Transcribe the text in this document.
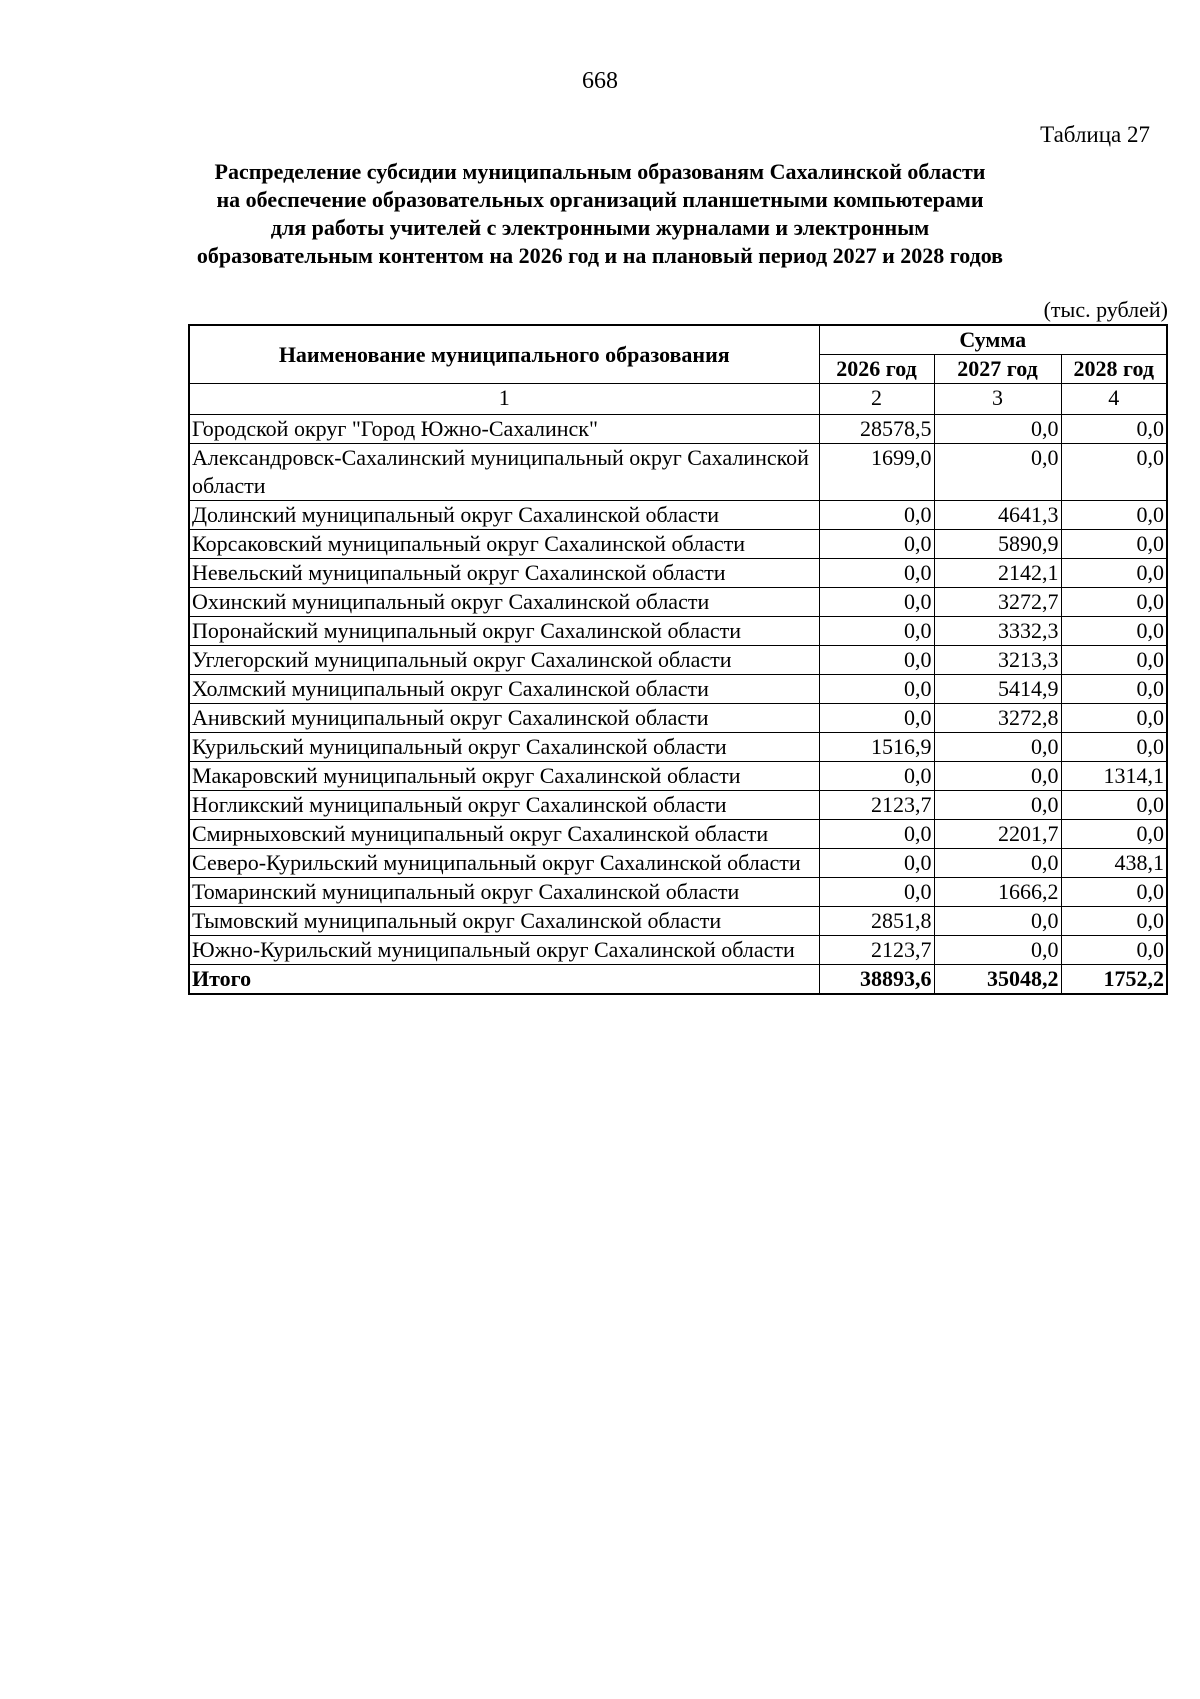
668
Таблица 27
Распределение субсидии муниципальным образованям Сахалинской области
на обеспечение образовательных организаций планшетными компьютерами
для работы учителей с электронными журналами и электронным
образовательным контентом на 2026 год и на плановый период 2027 и 2028 годов
(тыс. рублей)
Наименование муниципального образования	Сумма		
	2026 год	2027 год	2028 год
1	2	3	4
Городской округ "Город Южно-Сахалинск"	28578,5	0,0	0,0
Александровск-Сахалинский муниципальный округ Сахалинской области	1699,0	0,0	0,0
Долинский муниципальный округ Сахалинской области	0,0	4641,3	0,0
Корсаковский муниципальный округ Сахалинской области	0,0	5890,9	0,0
Невельский муниципальный округ Сахалинской области	0,0	2142,1	0,0
Охинский муниципальный округ Сахалинской области	0,0	3272,7	0,0
Поронайский муниципальный округ Сахалинской области	0,0	3332,3	0,0
Углегорский муниципальный округ Сахалинской области	0,0	3213,3	0,0
Холмский муниципальный округ Сахалинской области	0,0	5414,9	0,0
Анивский муниципальный округ Сахалинской области	0,0	3272,8	0,0
Курильский муниципальный округ Сахалинской области	1516,9	0,0	0,0
Макаровский муниципальный округ Сахалинской области	0,0	0,0	1314,1
Ногликский муниципальный округ Сахалинской области	2123,7	0,0	0,0
Смирныховский муниципальный округ Сахалинской области	0,0	2201,7	0,0
Северо-Курильский муниципальный округ Сахалинской области	0,0	0,0	438,1
Томаринский муниципальный округ Сахалинской области	0,0	1666,2	0,0
Тымовский муниципальный округ Сахалинской области	2851,8	0,0	0,0
Южно-Курильский муниципальный округ Сахалинской области	2123,7	0,0	0,0
Итого	38893,6	35048,2	1752,2
